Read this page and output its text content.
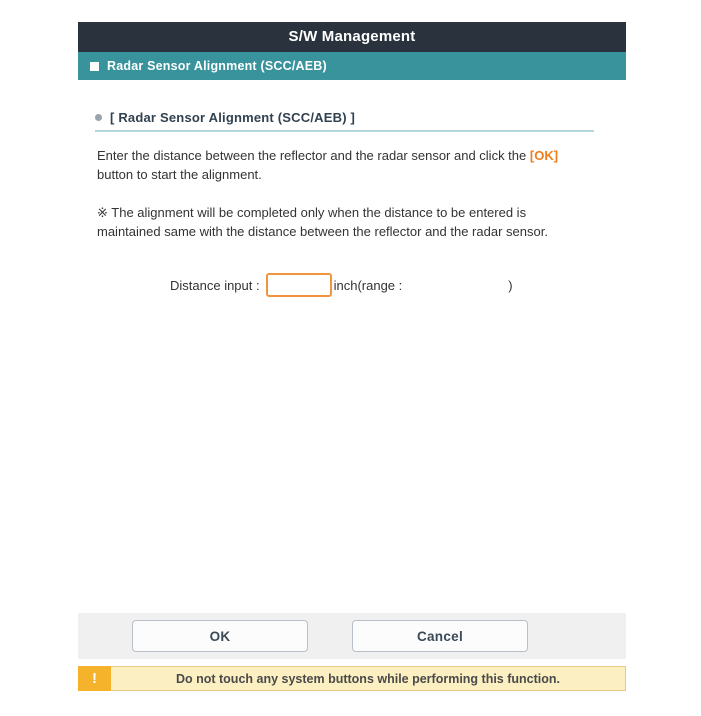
S/W Management
Radar Sensor Alignment (SCC/AEB)
[ Radar Sensor Alignment (SCC/AEB) ]
Enter the distance between the reflector and the radar sensor and click the [OK] button to start the alignment.
※ The alignment will be completed only when the distance to be entered is maintained same with the distance between the reflector and the radar sensor.
Distance input :	inch(range :	)
OK	Cancel
!	Do not touch any system buttons while performing this function.
